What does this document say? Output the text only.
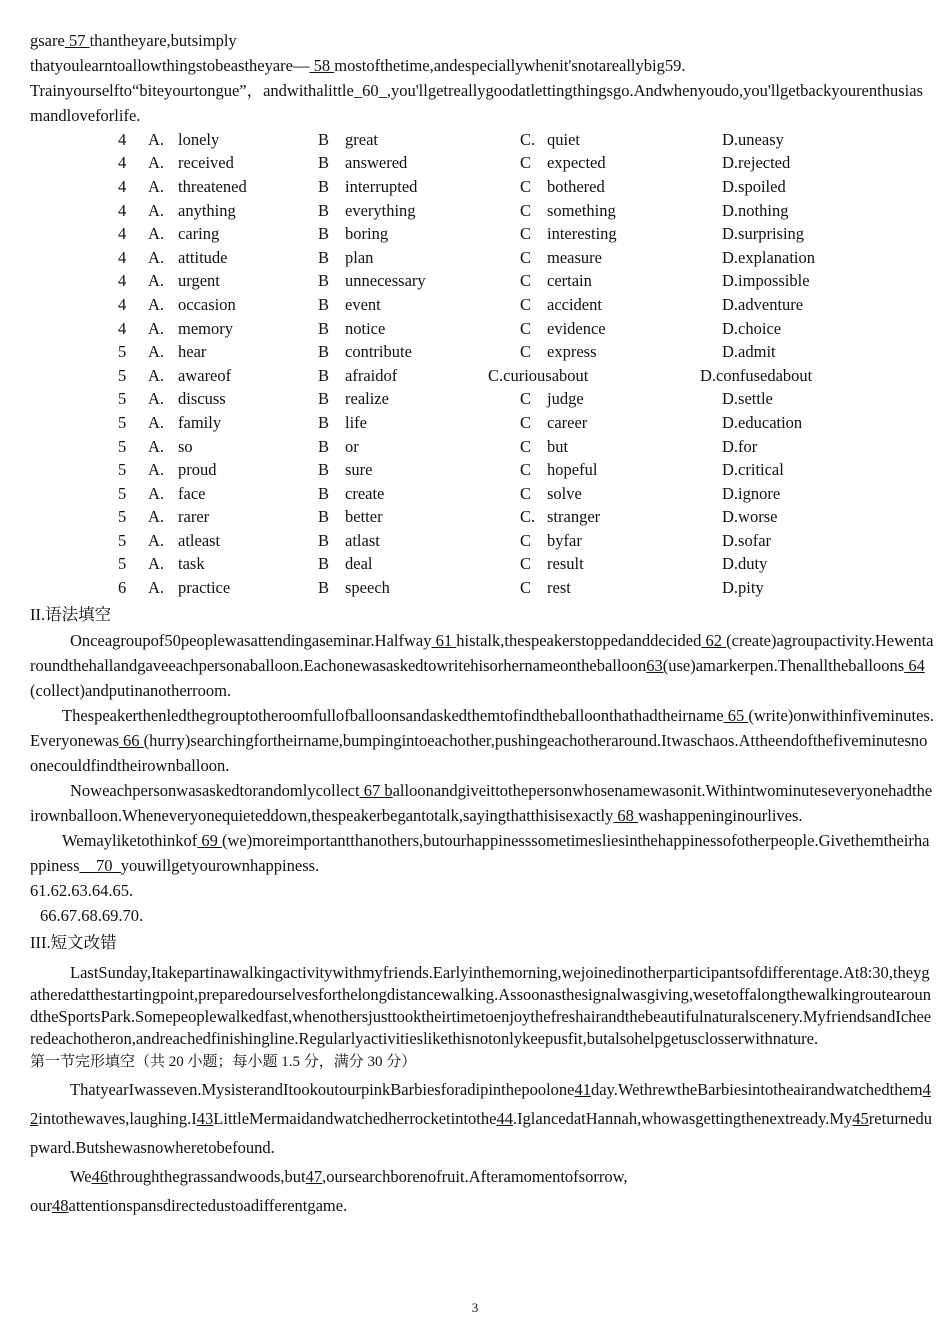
gsare 57 thantheyare,butsimply
thatyoulearntoallowthingstobeastheyare— 58 mostofthetime,andespeciallywhenit'snotareallybig59.
Trainyourselfto“biteyourtongue”，andwithalittle_60_,you'llgetreallygoodatlettingthingsgo.Andwhenyoudo,you'llgetbackyourenthusiasmandloveforlife.
4	A.	lonely	B	great	C.	quiet	D.uneasy
4	A.	received	B	answered	C	expected	D.rejected
4	A.	threatened	B	interrupted	C	bothered	D.spoiled
4	A.	anything	B	everything	C	something	D.nothing
4	A.	caring	B	boring	C	interesting	D.surprising
4	A.	attitude	B	plan	C	measure	D.explanation
4	A.	urgent	B	unnecessary	C	certain	D.impossible
4	A.	occasion	B	event	C	accident	D.adventure
4	A.	memory	B	notice	C	evidence	D.choice
5	A.	hear	B	contribute	C	express	D.admit
5	A.	awareof	B	afraidof	C.curiousabout	D.confusedabout
5	A.	discuss	B	realize	C	judge	D.settle
5	A.	family	B	life	C	career	D.education
5	A.	so	B	or	C	but	D.for
5	A.	proud	B	sure	C	hopeful	D.critical
5	A.	face	B	create	C	solve	D.ignore
5	A.	rarer	B	better	C.	stranger	D.worse
5	A.	atleast	B	atlast	C	byfar	D.sofar
5	A.	task	B	deal	C	result	D.duty
6	A.	practice	B	speech	C	rest	D.pity
II.语法填空
Onceagroupof50peoplewasattendingaseminar.Halfway 61 histalk,thespeakerstoppedanddecided 62 (create)agroupactivity.Hewentaroundthehallandgaveeachpersonaballoon.Eachonewasaskedtowritehisorhernameontheballoon63(use)amarkerpen.Thenalltheballoons 64 (collect)andputinanotherroom.
Thespeakerthenledthegrouptotheroomfullofballoonsandaskedthemtofindtheballoonthathadtheirname 65 (write)onwithinfiveminutes.Everyonewas 66 (hurry)searchingfortheirname,bumpingintoeachother,pushingeachotheraround.Itwaschaos.Attheendofthefiveminutesnoonecouldfindtheirownballoon.
Noweachpersonwasaskedtorandomlycollect 67 balloonandgiveittothepersonwhosenamewasonit.Withintwominuteseveryonehadtheirownballoon.Wheneveryonequieteddown,thespeakerbegantotalk,sayingthatthisisexactly 68 washappeninginourlives.
Wemayliketothinkof 69 (we)moreimportantthanothers,butourhappinesssometimesliesinthehappinessofotherpeople.Givethemtheirhappiness__70_youwillgetyourownhappiness.
61.62.63.64.65.
66.67.68.69.70.
III.短文改错
LastSunday,Itakepartinawalkingactivitywithmyfriends.Earlyinthemorning,wejoinedinotherparticipantsofdifferentage.At8:30,theygatheredatthestartingpoint,preparedourselvesforthelongdistancewalking.Assoonasthesignalwasgiving,wesetoffalongthewalkingroutearoundtheSportsPark.Somepeoplewalkedfast,whenothersjusttooktheirtimetoenjoythefreshairandthebeautifulnaturalscenery.MyfriendsandIcheeredeachotheron,andreachedfinishingline.Regularlyactivitieslikethisnotonlykeepusfit,butalsohelpgetusclosserwithnature.
第一节完形填空（共 20 小题；每小题 1.5 分，满分 30 分）
ThatyearIwasseven.MysisterandItookoutourpinkBarbiesforadipinthepoolone41day.WethrewtheBarbiesintotheairandwatchedthem42intothewaves,laughing.I43LittleMermaidandwatchedherrocketintothe44.IglancedatHannah,whowasgettingthenextready.My45returnedupward.Butshewasnowheretobefound.
We46throughthegrassandwoods,but47,oursearchborenofruit.Afteramomentofsorrow,
our48attentionspansdirectedustoadifferentgame.
3
